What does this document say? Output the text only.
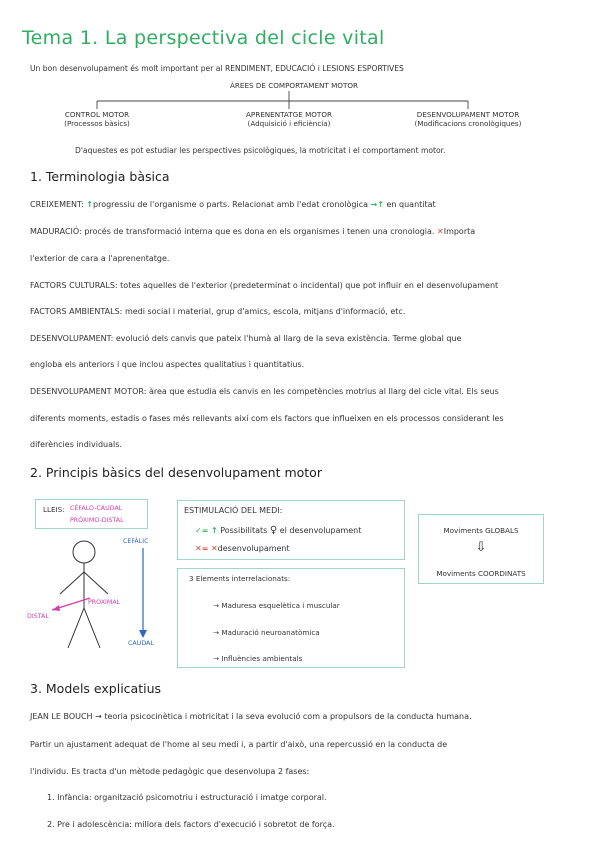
Tema 1. La perspectiva del cicle vital
Un bon desenvolupament és molt important per al RENDIMENT, EDUCACIÓ i LESIONS ESPORTIVES
ÀREES DE COMPORTAMENT MOTOR
CONTROL MOTOR
(Processos bàsics)
APRENENTATGE MOTOR
(Adquisició i eficiència)
DESENVOLUPAMENT MOTOR
(Modificacions cronològiques)
D'aquestes es pot estudiar les perspectives psicològiques, la motricitat i el comportament motor.
1. Terminologia bàsica
CREIXEMENT: ↑progressiu de l'organisme o parts. Relacionat amb l'edat cronològica →↑ en quantitat
MADURACIÓ: procés de transformació interna que es dona en els organismes i tenen una cronologia. ✕Importa
l'exterior de cara a l'aprenentatge.
FACTORS CULTURALS: totes aquelles de l'exterior (predeterminat o incidental) que pot influir en el desenvolupament
FACTORS AMBIENTALS: medi social i material, grup d'amics, escola, mitjans d'informació, etc.
DESENVOLUPAMENT: evolució dels canvis que pateix l'humà al llarg de la seva existència. Terme global que
engloba els anteriors i que inclou aspectes qualitatius i quantitatius.
DESENVOLUPAMENT MOTOR: àrea que estudia els canvis en les competències motrius al llarg del cicle vital. Els seus
diferents moments, estadis o fases més rellevants així com els factors que influeixen en els processos considerant les
diferències individuals.
2. Principis bàsics del desenvolupament motor
LLEIS: CÈFALO-CAUDAL
PRÒXIMO-DISTAL
CEFÀLIC
CAUDAL
PROXIMAL
DISTAL
ESTIMULACIÓ DEL MEDI:
✓= ↑ Possibilitats ♀ el desenvolupament
✕= ✕desenvolupament
3 Elements interrelacionats:
→ Maduresa esquelètica i muscular
→ Maduració neuroanatòmica
→ Influències ambientals
Moviments GLOBALS
⇩
Moviments COORDINATS
3. Models explicatius
JEAN LE BOUCH → teoria psicocinètica i motricitat i la seva evolució com a propulsors de la conducta humana.
Partir un ajustament adequat de l'home al seu medi i, a partir d'això, una repercussió en la conducta de
l'individu. Es tracta d'un mètode pedagògic que desenvolupa 2 fases:
1. Infància: organització psicomotriu i estructuració i imatge corporal.
2. Pre i adolescència: millora dels factors d'execució i sobretot de força.
